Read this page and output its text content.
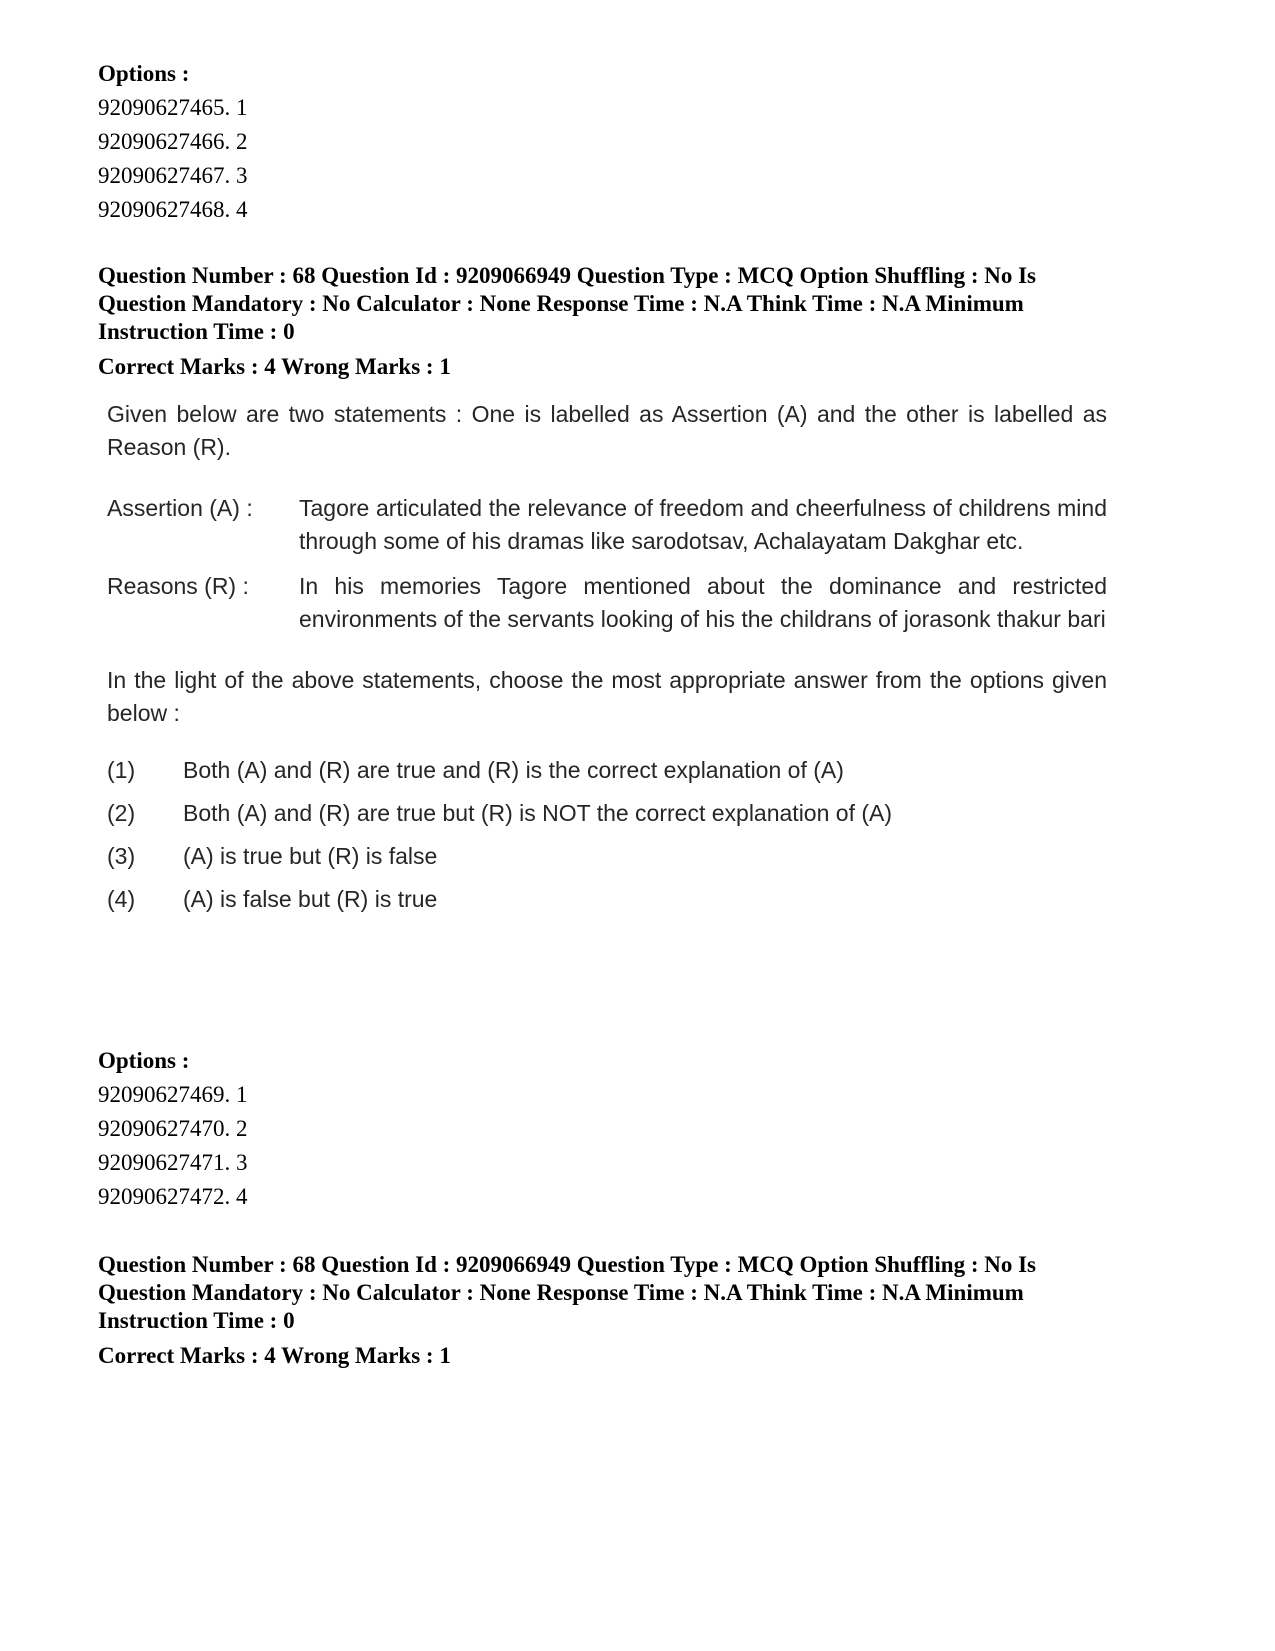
Options :
92090627465. 1
92090627466. 2
92090627467. 3
92090627468. 4
Question Number : 68 Question Id : 9209066949 Question Type : MCQ Option Shuffling : No Is
Question Mandatory : No Calculator : None Response Time : N.A Think Time : N.A Minimum
Instruction Time : 0
Correct Marks : 4 Wrong Marks : 1
Given below are two statements : One is labelled as Assertion (A) and the other is labelled as Reason (R).
Assertion (A) :	Tagore articulated the relevance of freedom and cheerfulness of childrens mind through some of his dramas like sarodotsav, Achalayatam Dakghar etc.
Reasons (R) :	In his memories Tagore mentioned about the dominance and restricted environments of the servants looking of his the childrans of jorasonk thakur bari
In the light of the above statements, choose the most appropriate answer from the options given below :
(1)	Both (A) and (R) are true and (R) is the correct explanation of (A)
(2)	Both (A) and (R) are true but (R) is NOT the correct explanation of (A)
(3)	(A) is true but (R) is false
(4)	(A) is false but (R) is true
Options :
92090627469. 1
92090627470. 2
92090627471. 3
92090627472. 4
Question Number : 68 Question Id : 9209066949 Question Type : MCQ Option Shuffling : No Is
Question Mandatory : No Calculator : None Response Time : N.A Think Time : N.A Minimum
Instruction Time : 0
Correct Marks : 4 Wrong Marks : 1
